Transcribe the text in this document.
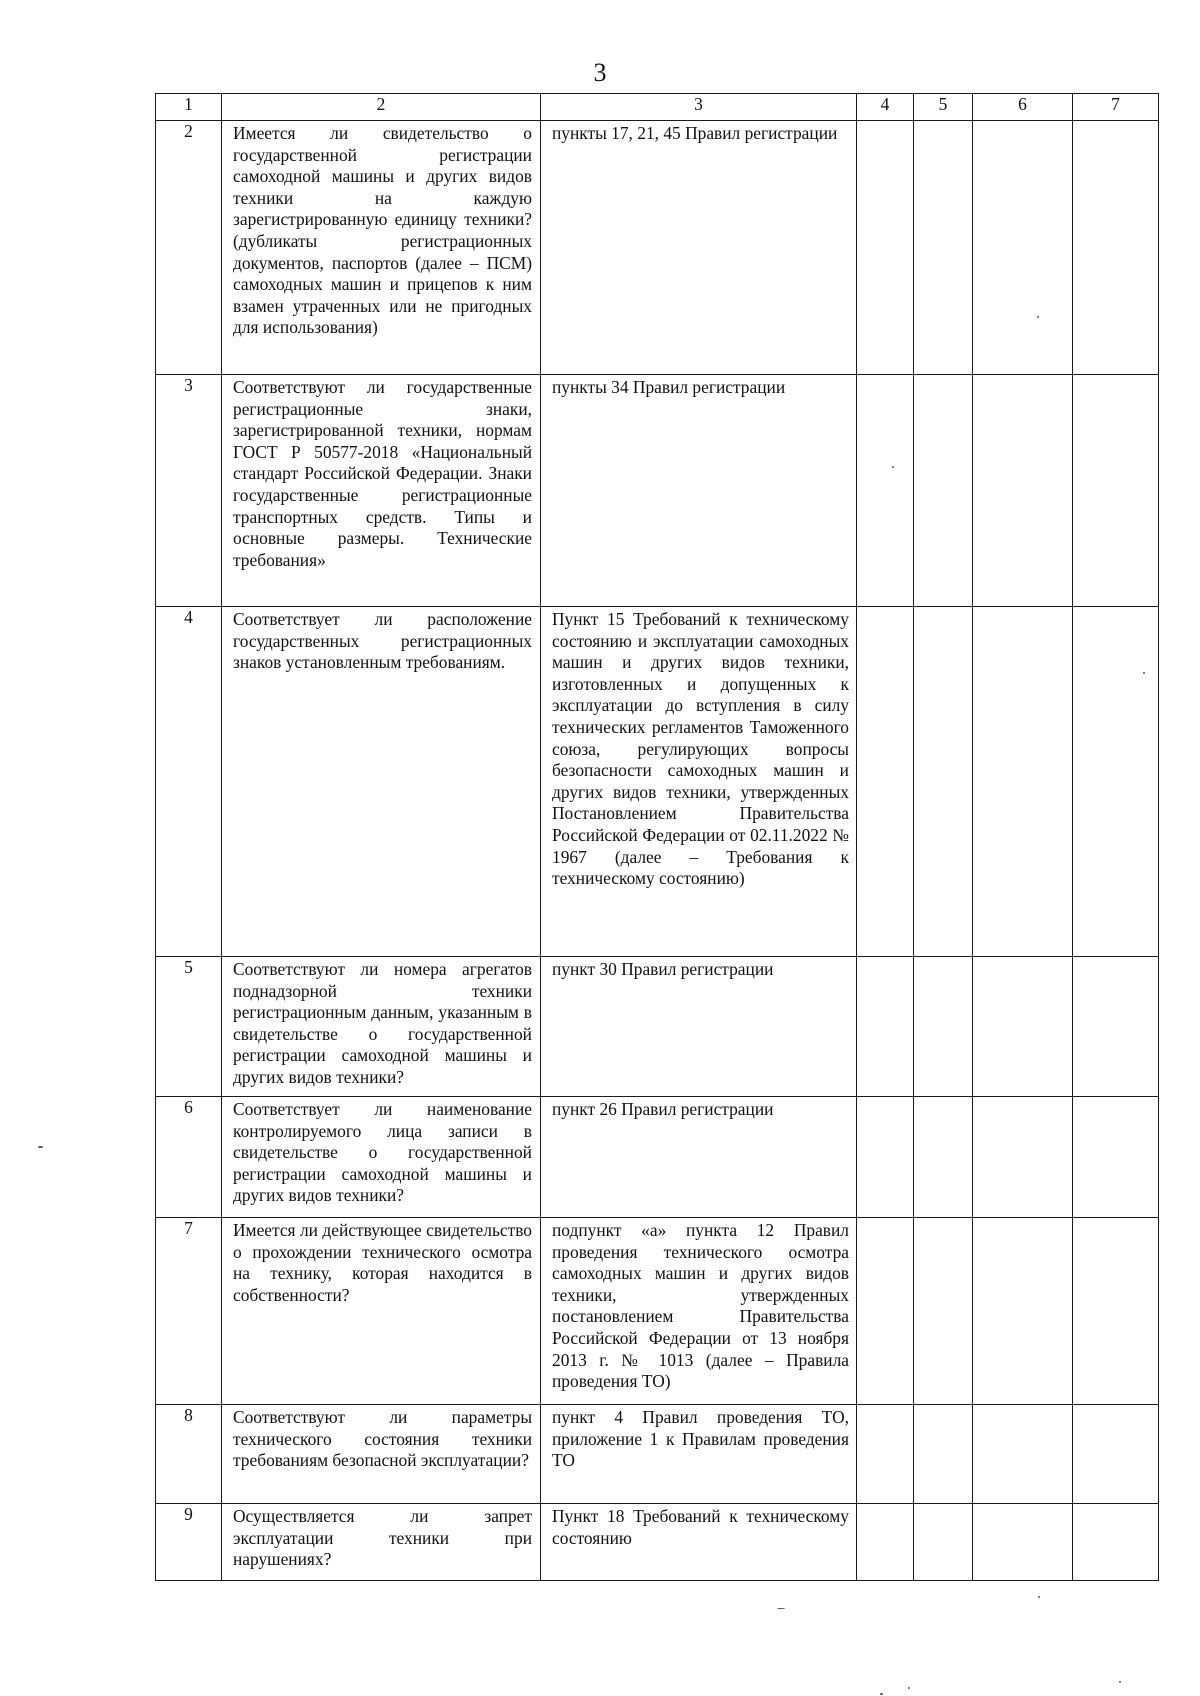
3
1	2	3	4	5	6	7
2	Имеется ли свидетельство о государственной регистрации самоходной машины и других видов техники на каждую зарегистрированную единицу техники? (дубликаты регистрационных документов, паспортов (далее – ПСМ) самоходных машин и прицепов к ним взамен утраченных или не пригодных для использования)	пункты 17, 21, 45 Правил регистрации				
3	Соответствуют ли государственные регистрационные знаки, зарегистрированной техники, нормам ГОСТ Р 50577-2018 «Национальный стандарт Российской Федерации. Знаки государственные регистрационные транспортных средств. Типы и основные размеры. Технические требования»	пункты 34 Правил регистрации				
4	Соответствует ли расположение государственных регистрационных знаков установленным требованиям.	Пункт 15 Требований к техническому состоянию и эксплуатации самоходных машин и других видов техники, изготовленных и допущенных к эксплуатации до вступления в силу технических регламентов Таможенного союза, регулирующих вопросы безопасности самоходных машин и других видов техники, утвержденных Постановлением Правительства Российской Федерации от 02.11.2022 № 1967 (далее – Требования к техническому состоянию)				
5	Соответствуют ли номера агрегатов поднадзорной техники регистрационным данным, указанным в свидетельстве о государственной регистрации самоходной машины и других видов техники?	пункт 30 Правил регистрации				
6	Соответствует ли наименование контролируемого лица записи в свидетельстве о государственной регистрации самоходной машины и других видов техники?	пункт 26 Правил регистрации				
7	Имеется ли действующее свидетельство о прохождении технического осмотра на технику, которая находится в собственности?	подпункт «а» пункта 12 Правил проведения технического осмотра самоходных машин и других видов техники, утвержденных постановлением Правительства Российской Федерации от 13 ноября 2013 г. № 1013 (далее – Правила проведения ТО)				
8	Соответствуют ли параметры технического состояния техники требованиям безопасной эксплуатации?	пункт 4 Правил проведения ТО, приложение 1 к Правилам проведения ТО				
9	Осуществляется ли запрет эксплуатации техники при нарушениях?	Пункт 18 Требований к техническому состоянию				
